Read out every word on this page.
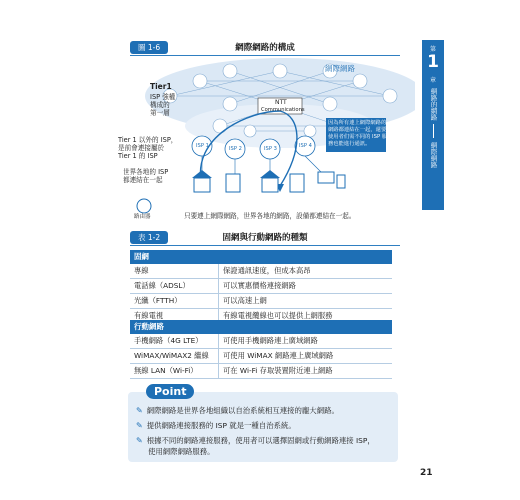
圖 1-6	網際網路的構成	第
1
章
網路的網路
網際網路
Tier1
ISP 強權
構成的
第一層
Tier 1 以外的 ISP，
是前會連接屬於
Tier 1 的 ISP
世界各地的 ISP
都連結在一起
網際網路
NTT
Communications
ISP 1	ISP 2	ISP 3	ISP 4
因為所有連上網際網路的
網路都連結在一起，還要
使用者们需不同的 ISP 服
務也能進行通訊。
路由器	只要連上網際網路，世界各地的網路，設備都連結在一起。
表 1-2	固網與行動網路的種類
固網
專線	保證通訊速度，但成本高昂
電話線（ADSL）	可以實惠價格連接網路
光纖（FTTH）	可以高速上網
有線電視	有線電視纜線也可以提供上網服務
行動網路
手機網路（4G LTE）	可使用手機網路連上廣域網路
WiMAX/WiMAX2 繼線	可使用 WiMAX 網路連上廣域網路
無線 LAN（Wi-Fi）	可在 Wi-Fi 存取裝置附近連上網路
Point
✎ 網際網路是世界各地組織以自治系統相互連接的龐大網路。
✎ 提供網路連接服務的 ISP 就是一種自治系統。
✎ 根據不同的網路連接服務，使用者可以選擇固網或行動網路連接 ISP，
使用網際網路服務。
21
